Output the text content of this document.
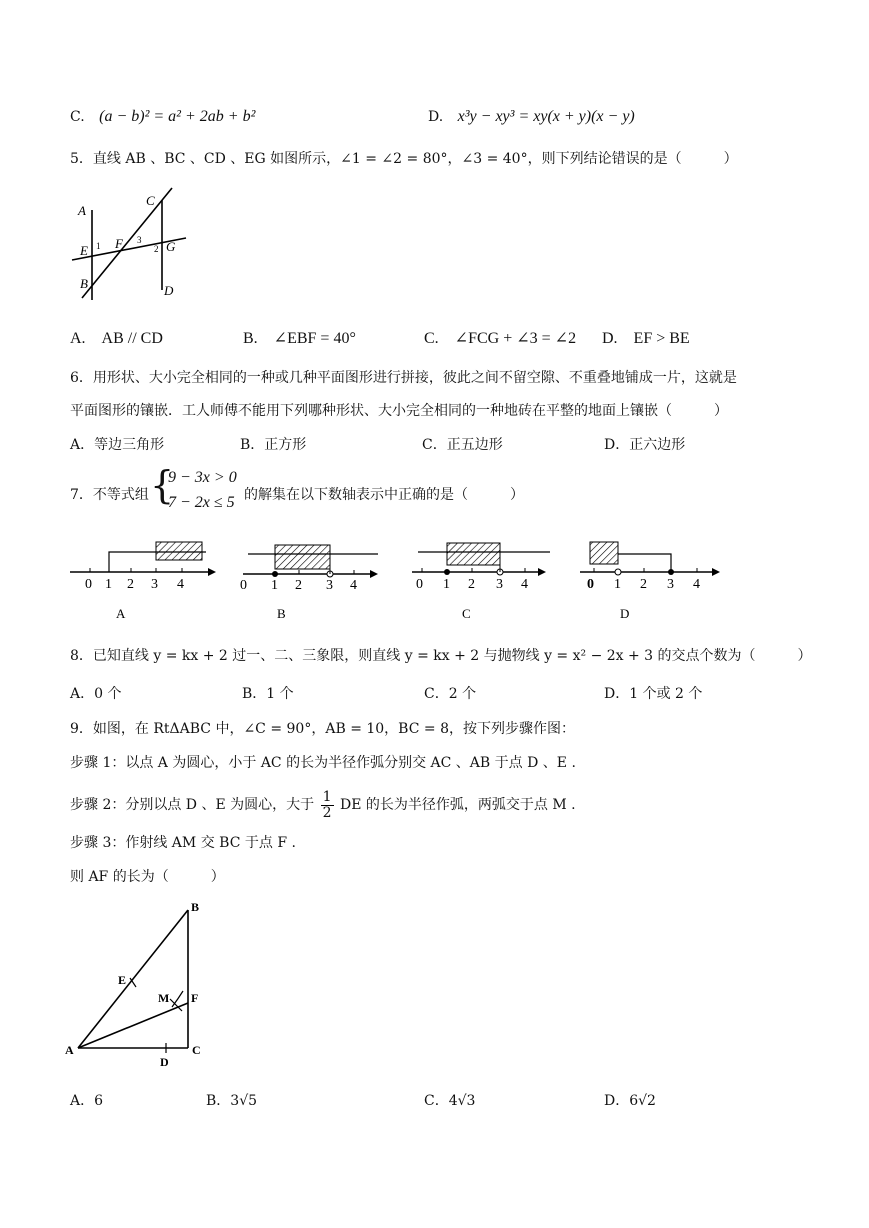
C. (a − b)² = a² + 2ab + b²	D. x³y − xy³ = xy(x + y)(x − y)
5．直线 AB 、BC 、CD 、EG 如图所示，∠1 = ∠2 = 80°，∠3 = 40°，则下列结论错误的是（　　　）
A
B
C
D
E F	G
1	2
3
A.　AB // CD	B.　∠EBF = 40°	C.　∠FCG + ∠3 = ∠2 D.　EF > BE
6．用形状、大小完全相同的一种或几种平面图形进行拼接，彼此之间不留空隙、不重叠地铺成一片，这就是
平面图形的镶嵌．工人师傅不能用下列哪种形状、大小完全相同的一种地砖在平整的地面上镶嵌（　　　）
A．等边三角形	B．正方形	C．正五边形	D．正六边形
7．不等式组 {
9 − 3x > 0
7 − 2x ≤ 5 的解集在以下数轴表示中正确的是（　　　）
0 1 2 3 4
A
0 1 2 3 4
B
0 1 2 3 4
C
0 1 2 3 4
D
8．已知直线 y = kx + 2 过一、二、三象限，则直线 y = kx + 2 与抛物线 y = x² − 2x + 3 的交点个数为（　　　）
A．0 个	B．1 个	C．2 个	D．1 个或 2 个
9．如图，在 RtΔABC 中，∠C = 90°，AB = 10，BC = 8，按下列步骤作图：
步骤 1：以点 A 为圆心，小于 AC 的长为半径作弧分别交 AC 、AB 于点 D 、E .
步骤 2：分别以点 D 、E 为圆心，大于 $\frac{1}{2}$ DE 的长为半径作弧，两弧交于点 M .
步骤 3：作射线 AM 交 BC 于点 F .
则 AF 的长为（　　　）
A
B
C
D
E
M F
A．6	B．3√5	C．4√3	D．6√2
